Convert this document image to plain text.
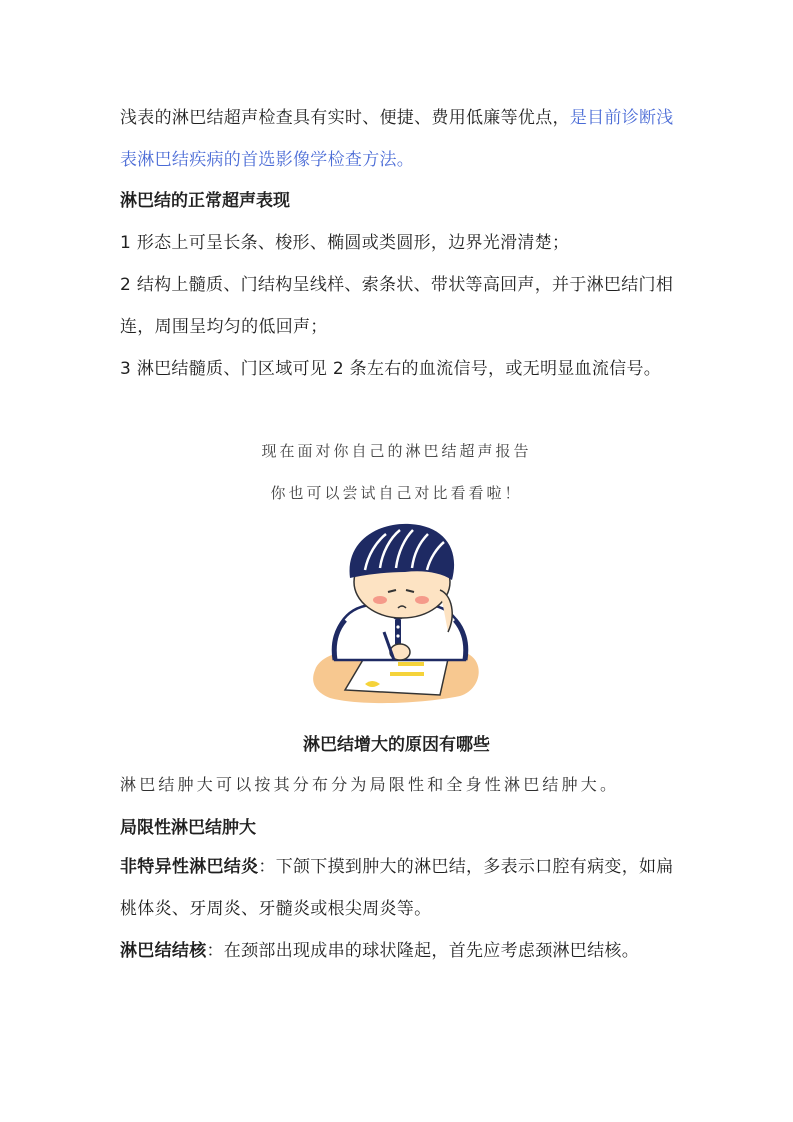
浅表的淋巴结超声检查具有实时、便捷、费用低廉等优点，是目前诊断浅表淋巴结疾病的首选影像学检查方法。

淋巴结的正常超声表现

1 形态上可呈长条、梭形、椭圆或类圆形，边界光滑清楚；

2 结构上髓质、门结构呈线样、索条状、带状等高回声，并于淋巴结门相连，周围呈均匀的低回声；

3 淋巴结髓质、门区域可见 2 条左右的血流信号，或无明显血流信号。

现在面对你自己的淋巴结超声报告

你也可以尝试自己对比看看啦！

淋巴结增大的原因有哪些

淋巴结肿大可以按其分布分为局限性和全身性淋巴结肿大。

局限性淋巴结肿大

非特异性淋巴结炎：下颌下摸到肿大的淋巴结，多表示口腔有病变，如扁桃体炎、牙周炎、牙髓炎或根尖周炎等。

淋巴结结核：在颈部出现成串的球状隆起，首先应考虑颈淋巴结核。
